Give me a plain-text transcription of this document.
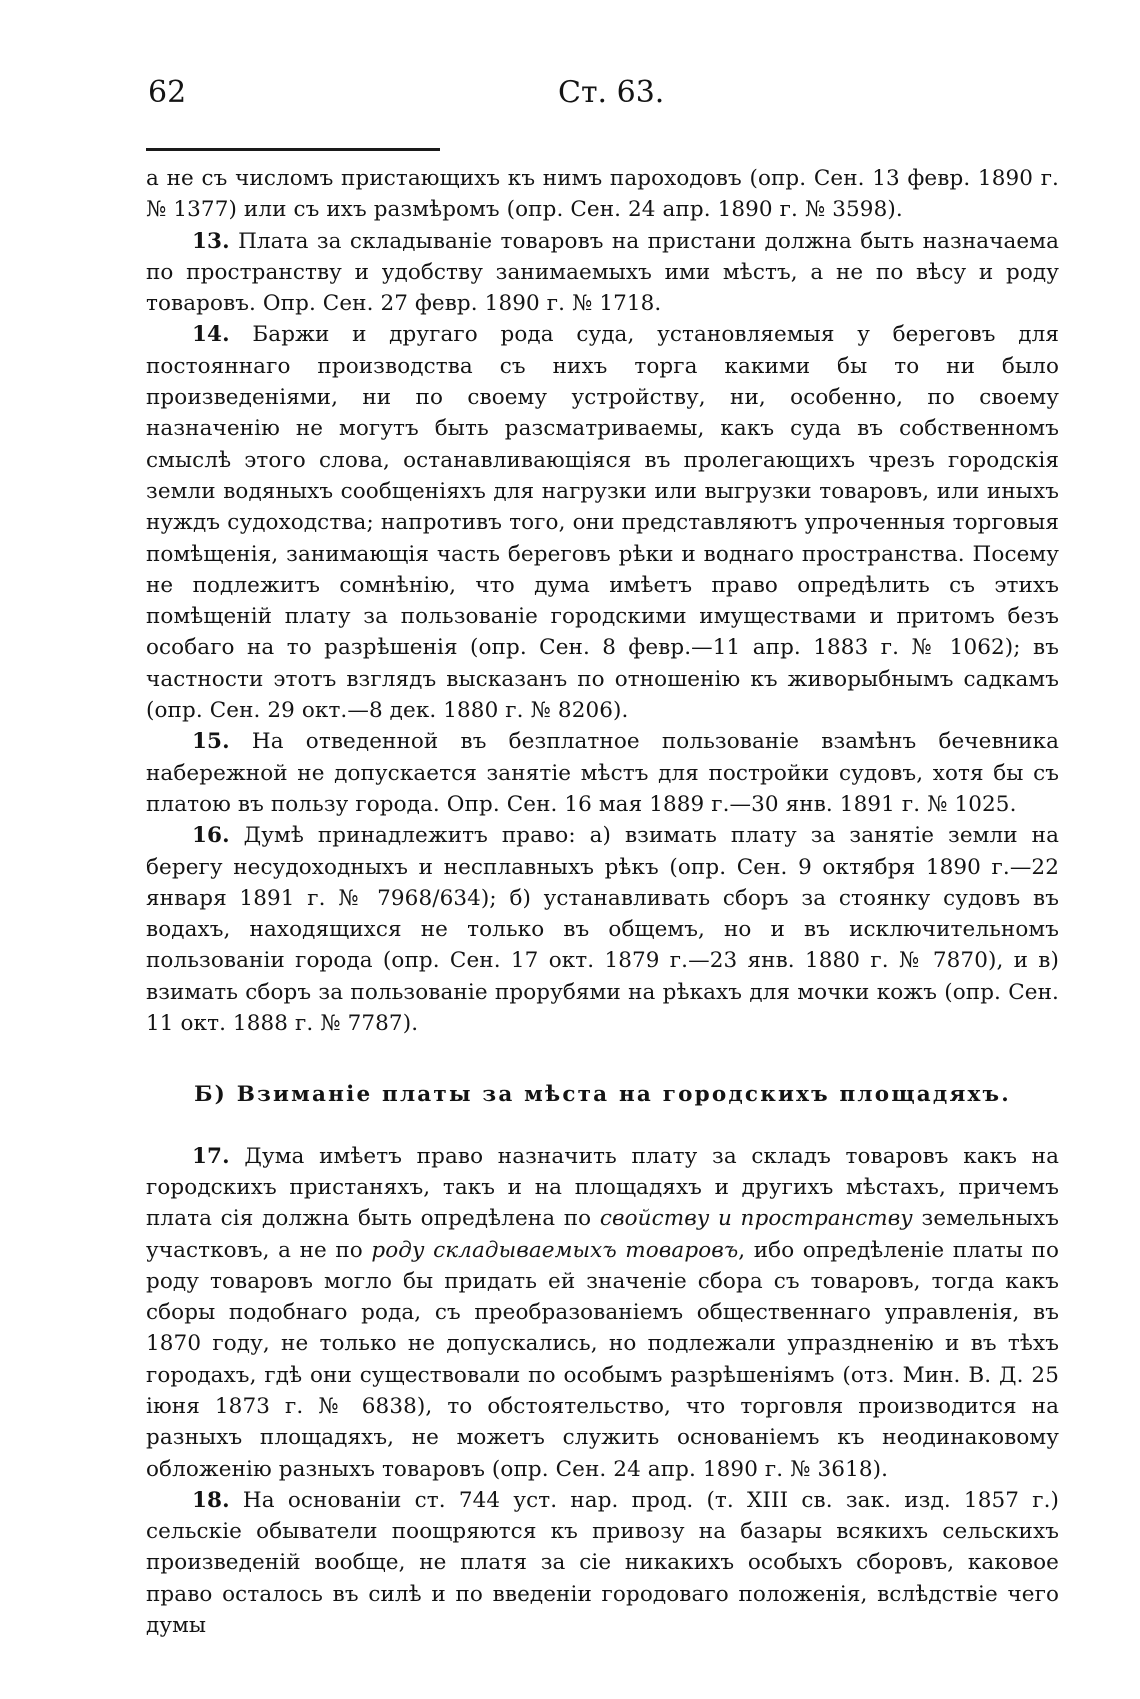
62	Ст. 63.

а не съ числомъ пристающихъ къ нимъ пароходовъ (опр. Сен. 13 февр. 1890 г. № 1377) или съ ихъ размѣромъ (опр. Сен. 24 апр. 1890 г. № 3598).

13. Плата за складываніе товаровъ на пристани должна быть назначаема по пространству и удобству занимаемыхъ ими мѣстъ, а не по вѣсу и роду товаровъ. Опр. Сен. 27 февр. 1890 г. № 1718.

14. Баржи и другаго рода суда, установляемыя у береговъ для постояннаго производства съ нихъ торга какими бы то ни было произведеніями, ни по своему устройству, ни, особенно, по своему назначенію не могутъ быть разсматриваемы, какъ суда въ собственномъ смыслѣ этого слова, останавливающіяся въ пролегающихъ чрезъ городскія земли водяныхъ сообщеніяхъ для нагрузки или выгрузки товаровъ, или иныхъ нуждъ судоходства; напротивъ того, они представляютъ упроченныя торговыя помѣщенія, занимающія часть береговъ рѣки и воднаго пространства. Посему не подлежитъ сомнѣнію, что дума имѣетъ право опредѣлить съ этихъ помѣщеній плату за пользованіе городскими имуществами и притомъ безъ особаго на то разрѣшенія (опр. Сен. 8 февр.—11 апр. 1883 г. № 1062); въ частности этотъ взглядъ высказанъ по отношенію къ живорыбнымъ садкамъ (опр. Сен. 29 окт.—8 дек. 1880 г. № 8206).

15. На отведенной въ безплатное пользованіе взамѣнъ бечевника набережной не допускается занятіе мѣстъ для постройки судовъ, хотя бы съ платою въ пользу города. Опр. Сен. 16 мая 1889 г.—30 янв. 1891 г. № 1025.

16. Думѣ принадлежитъ право: а) взимать плату за занятіе земли на берегу несудоходныхъ и несплавныхъ рѣкъ (опр. Сен. 9 октября 1890 г.—22 января 1891 г. № 7968/634); б) устанавливать сборъ за стоянку судовъ въ водахъ, находящихся не только въ общемъ, но и въ исключительномъ пользованіи города (опр. Сен. 17 окт. 1879 г.—23 янв. 1880 г. № 7870), и в) взимать сборъ за пользованіе прорубями на рѣкахъ для мочки кожъ (опр. Сен. 11 окт. 1888 г. № 7787).

Б) Взиманіе платы за мѣста на городскихъ площадяхъ.

17. Дума имѣетъ право назначить плату за складъ товаровъ какъ на городскихъ пристаняхъ, такъ и на площадяхъ и другихъ мѣстахъ, причемъ плата сія должна быть опредѣлена по свойству и пространству земельныхъ участковъ, а не по роду складываемыхъ товаровъ, ибо опредѣленіе платы по роду товаровъ могло бы придать ей значеніе сбора съ товаровъ, тогда какъ сборы подобнаго рода, съ преобразованіемъ общественнаго управленія, въ 1870 году, не только не допускались, но подлежали упраздненію и въ тѣхъ городахъ, гдѣ они существовали по особымъ разрѣшеніямъ (отз. Мин. В. Д. 25 іюня 1873 г. № 6838), то обстоятельство, что торговля производится на разныхъ площадяхъ, не можетъ служить основаніемъ къ неодинаковому обложенію разныхъ товаровъ (опр. Сен. 24 апр. 1890 г. № 3618).

18. На основаніи ст. 744 уст. нар. прод. (т. XIII св. зак. изд. 1857 г.) сельскіе обыватели поощряются къ привозу на базары всякихъ сельскихъ произведеній вообще, не платя за сіе никакихъ особыхъ сборовъ, каковое право осталось въ силѣ и по введеніи городоваго положенія, вслѣдствіе чего думы
